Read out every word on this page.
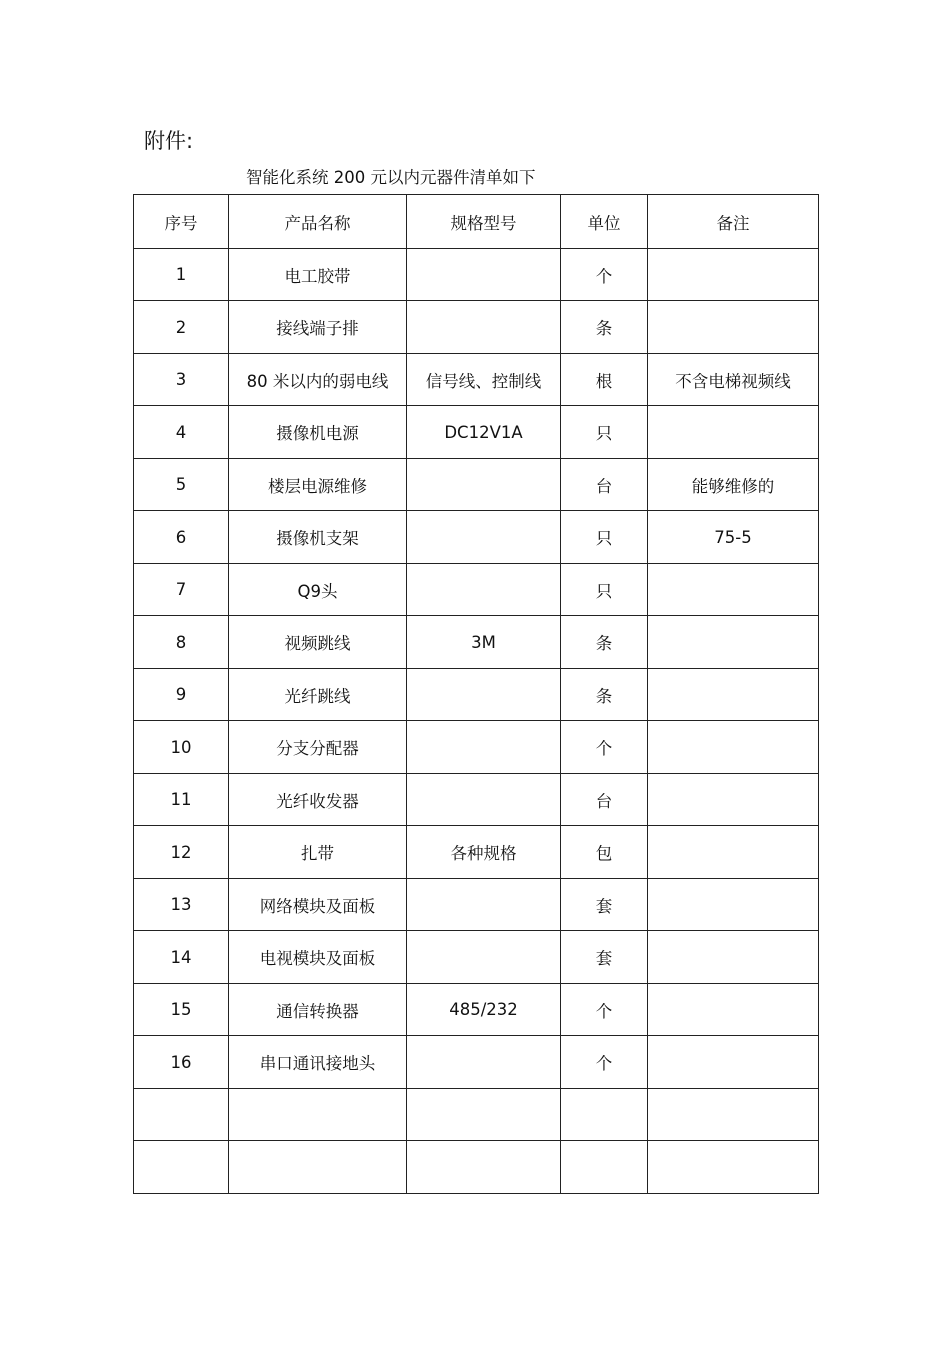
附件:
智能化系统 200 元以内元器件清单如下
序号	产品名称	规格型号	单位	备注
1	电工胶带		个	
2	接线端子排		条	
3	80 米以内的弱电线	信号线、控制线	根	不含电梯视频线
4	摄像机电源	DC12V1A	只	
5	楼层电源维修		台	能够维修的
6	摄像机支架		只	75-5
7	Q9头		只	
8	视频跳线	3M	条	
9	光纤跳线		条	
10	分支分配器		个	
11	光纤收发器		台	
12	扎带	各种规格	包	
13	网络模块及面板		套	
14	电视模块及面板		套	
15	通信转换器	485/232	个	
16	串口通讯接地头		个	
